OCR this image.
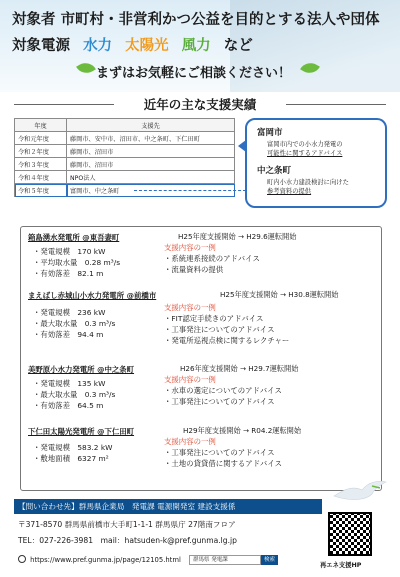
対象者 市町村・非営利かつ公益を目的とする法人や団体
対象電源 水力 太陽光 風力 など
まずはお気軽にご相談ください！
近年の主な支援実績
年度	支援先
令和元年度	藤岡市、安中市、沼田市、中之条町、下仁田町
令和２年度	藤岡市、沼田市
令和３年度	藤岡市、沼田市
令和４年度	NPO法人
令和５年度	富岡市、中之条町
富岡市
富岡市内での小水力発電の
可能性に関するアドバイス
中之条町
町内小水力建設検討に向けた
参考資料の提供
箱島湧水発電所 @東吾妻町	H25年度支援開始 → H29.6運転開始
・発電規模　170 kW
・平均取水量　0.28 m³/s
・有効落差　82.1 m
支援内容の一例
・系統連系接続のアドバイス
・流量資料の提供
まえばし赤城山小水力発電所 @前橋市	H25年度支援開始 → H30.8運転開始
・発電規模　236 kW
・最大取水量　0.3 m³/s
・有効落差　94.4 m
支援内容の一例
・FIT認定手続きのアドバイス
・工事発注についてのアドバイス
・発電所巡視点検に関するレクチャー
美野原小水力発電所 @中之条町	H26年度支援開始 → H29.7運転開始
・発電規模　135 kW
・最大取水量　0.3 m³/s
・有効落差　64.5 m
支援内容の一例
・水車の選定についてのアドバイス
・工事発注についてのアドバイス
下仁田太陽光発電所 @下仁田町	H29年度支援開始 → R04.2運転開始
・発電規模　583.2 kW
・敷地面積　6327 m²
支援内容の一例
・工事発注についてのアドバイス
・土地の貸貸借に関するアドバイス
【問い合わせ先】群馬県企業局　発電課 電源開発室 建設支援係
〒371-8570 群馬県前橋市大手町1-1-1 群馬県庁 27階南フロア
TEL：027-226-3981　mail：hatsuden-k@pref.gunma.lg.jp
https://www.pref.gunma.jp/page/12105.html 群馬県 発電課	検索
再エネ支援HP
